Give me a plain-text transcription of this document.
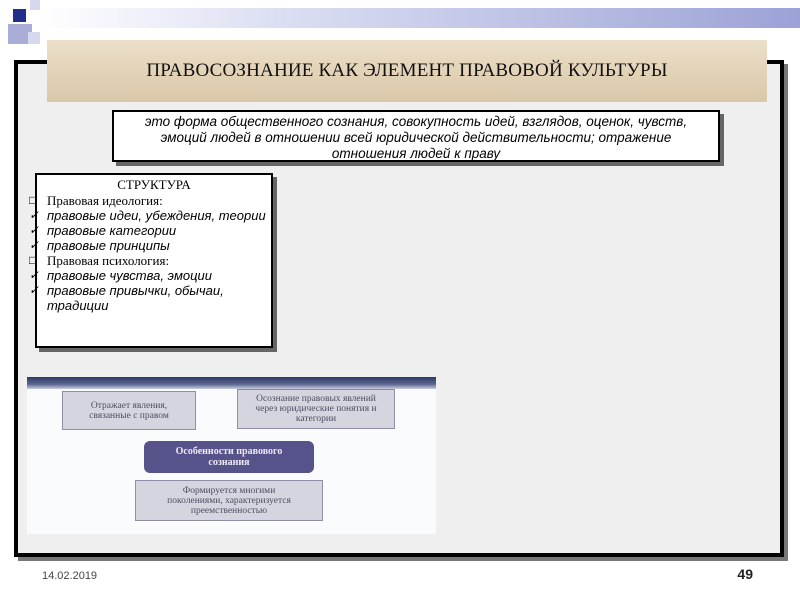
ПРАВОСОЗНАНИЕ КАК ЭЛЕМЕНТ ПРАВОВОЙ КУЛЬТУРЫ
это форма общественного сознания, совокупность идей, взглядов, оценок, чувств, эмоций людей в отношении всей юридической действительности; отражение отношения людей к праву
СТРУКТУРА
□ Правовая идеология:
✓ правовые идеи, убеждения, теории
✓ правовые категории
✓ правовые принципы
□ Правовая психология:
✓ правовые чувства, эмоции
✓ правовые привычки, обычаи, традиции
Отражает явления, связанные с правом
Осознание правовых явлений через юридические понятия и категории
Особенности правового сознания
Формируется многими поколениями, характеризуется преемственностью
14.02.2019	49
